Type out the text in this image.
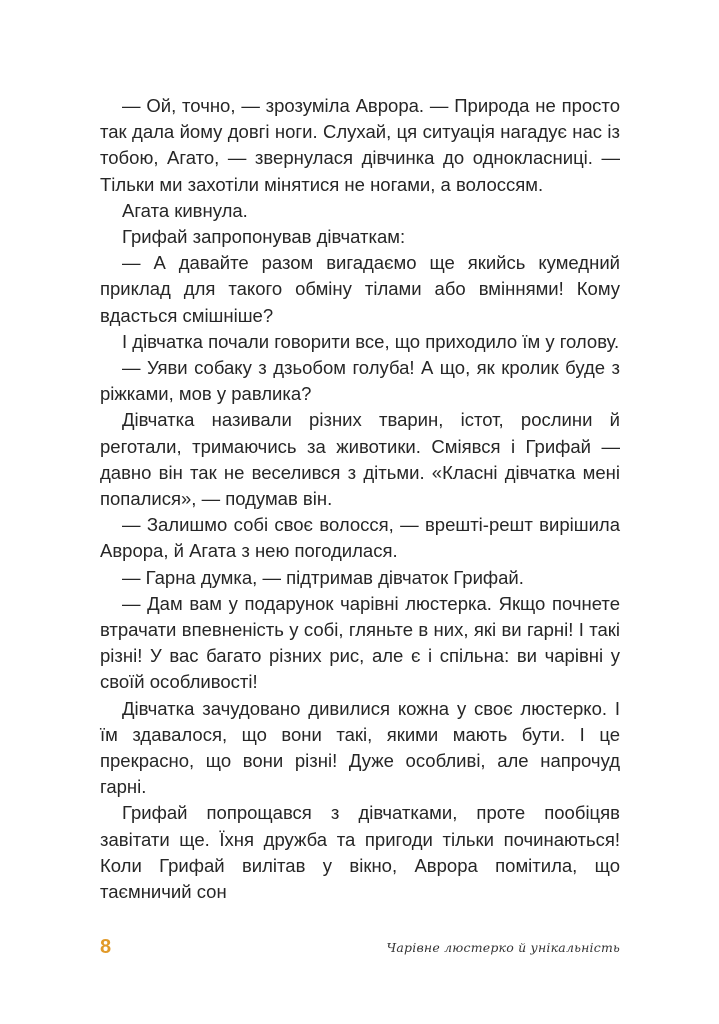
— Ой, точно, — зрозуміла Аврора. — Природа не просто так дала йому довгі ноги. Слухай, ця ситуація нагадує нас із тобою, Агато, — звернулася дівчинка до однокласниці. — Тільки ми захотіли мінятися не ногами, а волоссям.

Агата кивнула.

Грифай запропонував дівчаткам:

— А давайте разом вигадаємо ще якийсь кумедний приклад для такого обміну тілами або вміннями! Кому вдасться смішніше?

І дівчатка почали говорити все, що приходило їм у голову.

— Уяви собаку з дзьобом голуба! А що, як кролик буде з ріжками, мов у равлика?

Дівчатка називали різних тварин, істот, рослини й реготали, тримаючись за животики. Сміявся і Грифай — давно він так не веселився з дітьми. «Класні дівчатка мені попалися», — подумав він.

— Залишмо собі своє волосся, — врешті-решт вирішила Аврора, й Агата з нею погодилася.

— Гарна думка, — підтримав дівчаток Грифай.

— Дам вам у подарунок чарівні люстерка. Якщо почнете втрачати впевненість у собі, гляньте в них, які ви гарні! І такі різні! У вас багато різних рис, але є і спільна: ви чарівні у своїй особливості!

Дівчатка зачудовано дивилися кожна у своє люстерко. І їм здавалося, що вони такі, якими мають бути. І це прекрасно, що вони різні! Дуже особливі, але напрочуд гарні.

Грифай попрощався з дівчатками, проте пообіцяв завітати ще. Їхня дружба та пригоди тільки починаються! Коли Грифай вилітав у вікно, Аврора помітила, що таємничий сон

8	Чарівне люстерко й унікальність
